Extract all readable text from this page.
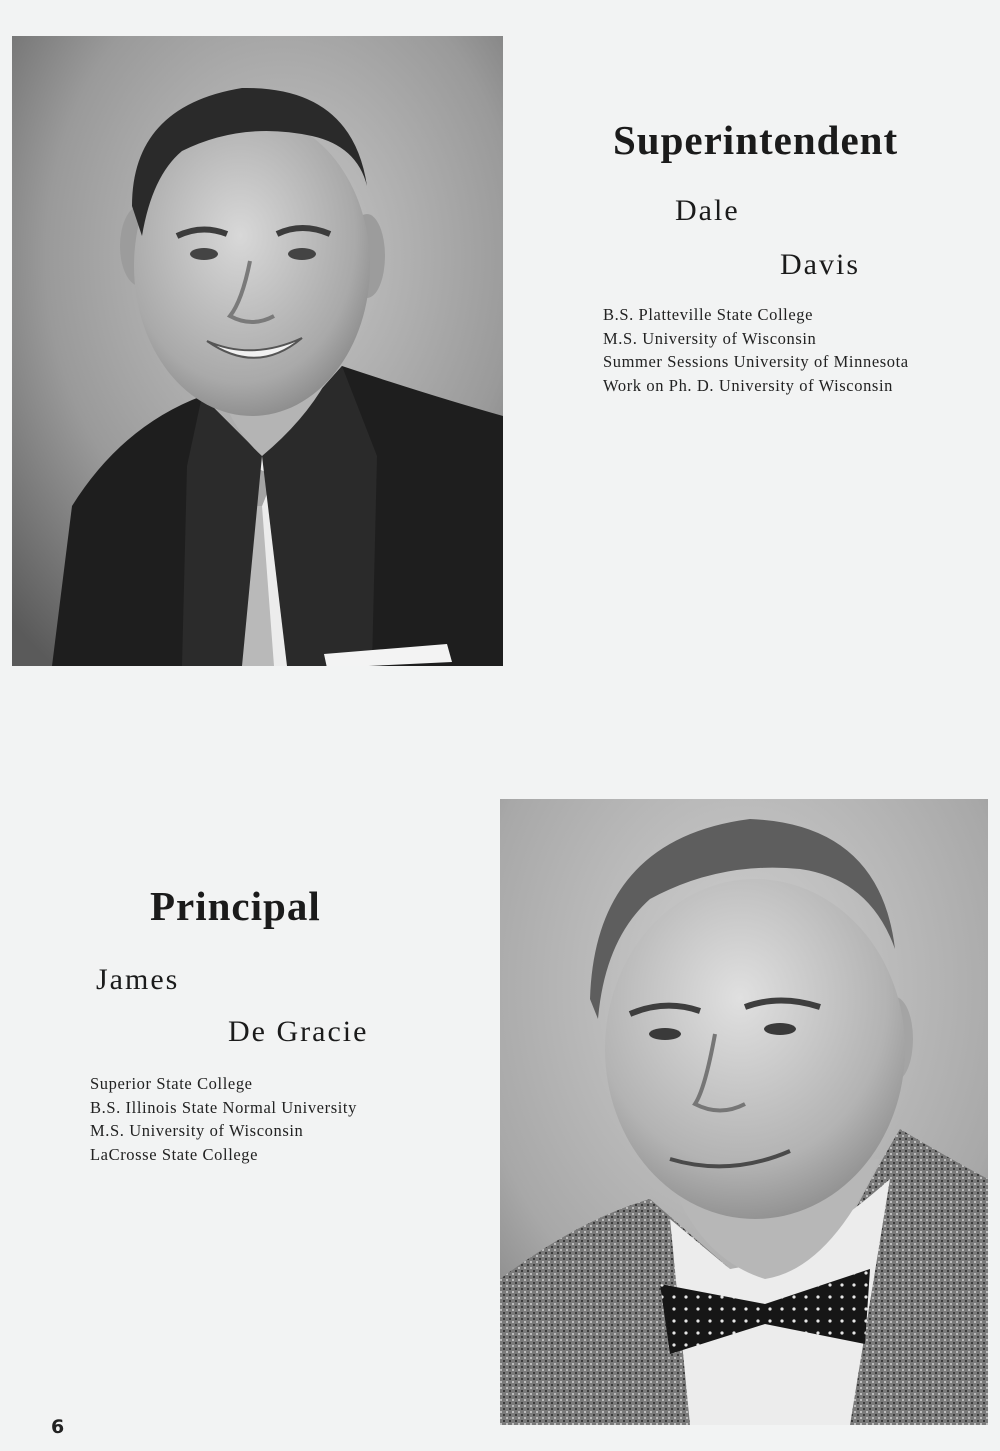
Superintendent
Dale
Davis
B.S. Platteville State College
M.S. University of Wisconsin
Summer Sessions University of Minnesota
Work on Ph. D. University of Wisconsin
Principal
James
De Gracie
Superior State College
B.S. Illinois State Normal University
M.S. University of Wisconsin
LaCrosse State College
6
